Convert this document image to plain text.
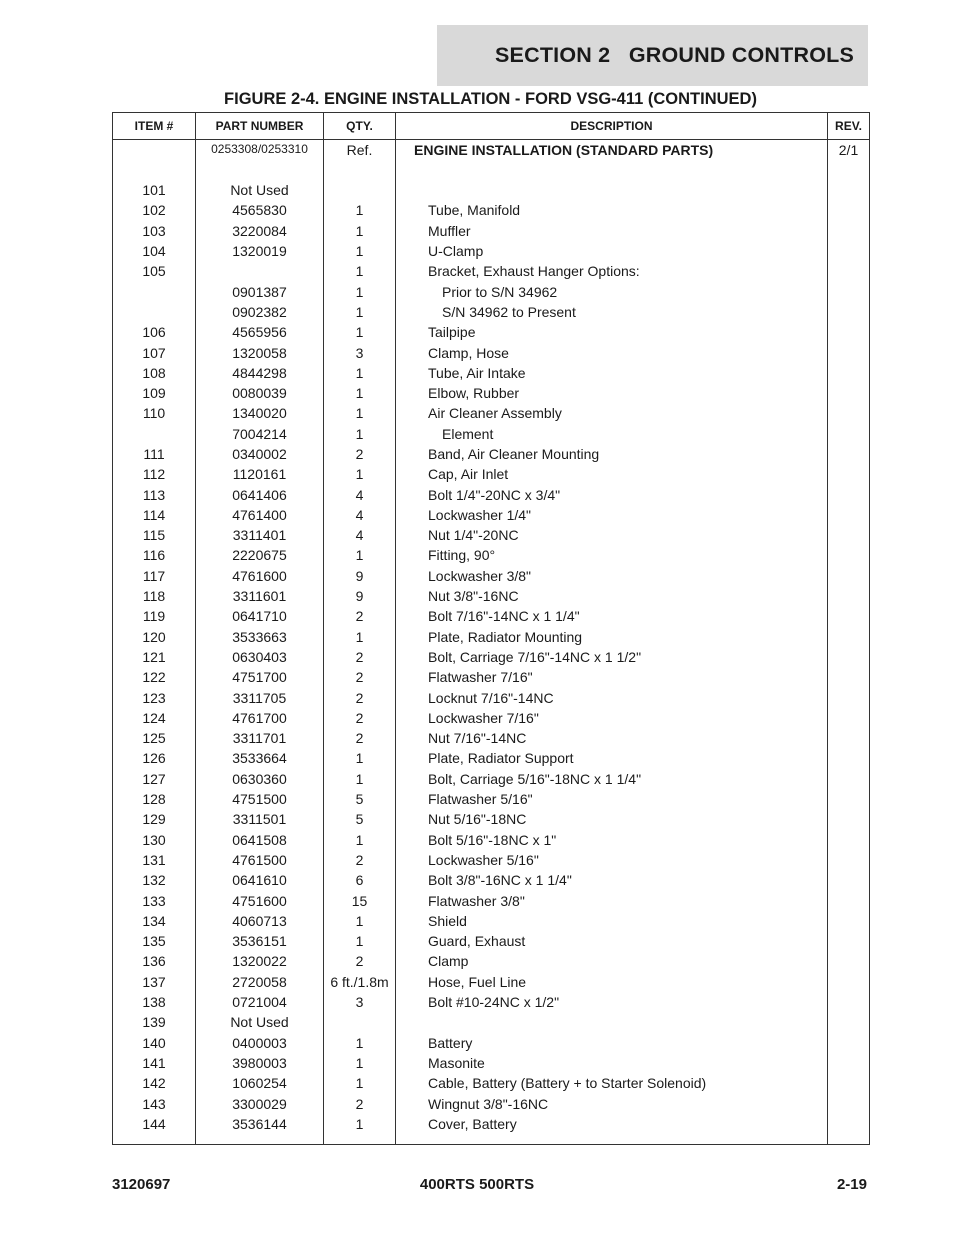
SECTION 2   GROUND CONTROLS
FIGURE 2-4. ENGINE INSTALLATION - FORD VSG-411 (CONTINUED)
ITEM #	PART NUMBER	QTY.	DESCRIPTION	REV.
	0253308/0253310	Ref.	ENGINE INSTALLATION (STANDARD PARTS)	2/1

101	Not Used			
102	4565830	1	Tube, Manifold	
103	3220084	1	Muffler	
104	1320019	1	U-Clamp	
105		1	Bracket, Exhaust Hanger Options:	
	0901387	1	Prior to S/N 34962	
	0902382	1	S/N 34962 to Present	
106	4565956	1	Tailpipe	
107	1320058	3	Clamp, Hose	
108	4844298	1	Tube, Air Intake	
109	0080039	1	Elbow, Rubber	
110	1340020	1	Air Cleaner Assembly	
	7004214	1	Element	
111	0340002	2	Band, Air Cleaner Mounting	
112	1120161	1	Cap, Air Inlet	
113	0641406	4	Bolt 1/4"-20NC x 3/4"	
114	4761400	4	Lockwasher 1/4"	
115	3311401	4	Nut 1/4"-20NC	
116	2220675	1	Fitting, 90°	
117	4761600	9	Lockwasher 3/8"	
118	3311601	9	Nut 3/8"-16NC	
119	0641710	2	Bolt 7/16"-14NC x 1 1/4"	
120	3533663	1	Plate, Radiator Mounting	
121	0630403	2	Bolt, Carriage 7/16"-14NC x 1 1/2"	
122	4751700	2	Flatwasher 7/16"	
123	3311705	2	Locknut 7/16"-14NC	
124	4761700	2	Lockwasher 7/16"	
125	3311701	2	Nut 7/16"-14NC	
126	3533664	1	Plate, Radiator Support	
127	0630360	1	Bolt, Carriage 5/16"-18NC x 1 1/4"	
128	4751500	5	Flatwasher 5/16"	
129	3311501	5	Nut 5/16"-18NC	
130	0641508	1	Bolt 5/16"-18NC x 1"	
131	4761500	2	Lockwasher 5/16"	
132	0641610	6	Bolt 3/8"-16NC x 1 1/4"	
133	4751600	15	Flatwasher 3/8"	
134	4060713	1	Shield	
135	3536151	1	Guard, Exhaust	
136	1320022	2	Clamp	
137	2720058	6 ft./1.8m	Hose, Fuel Line	
138	0721004	3	Bolt #10-24NC x 1/2"	
139	Not Used			
140	0400003	1	Battery	
141	3980003	1	Masonite	
142	1060254	1	Cable, Battery (Battery + to Starter Solenoid)	
143	3300029	2	Wingnut 3/8"-16NC	
144	3536144	1	Cover, Battery	
3120697	400RTS 500RTS	2-19
